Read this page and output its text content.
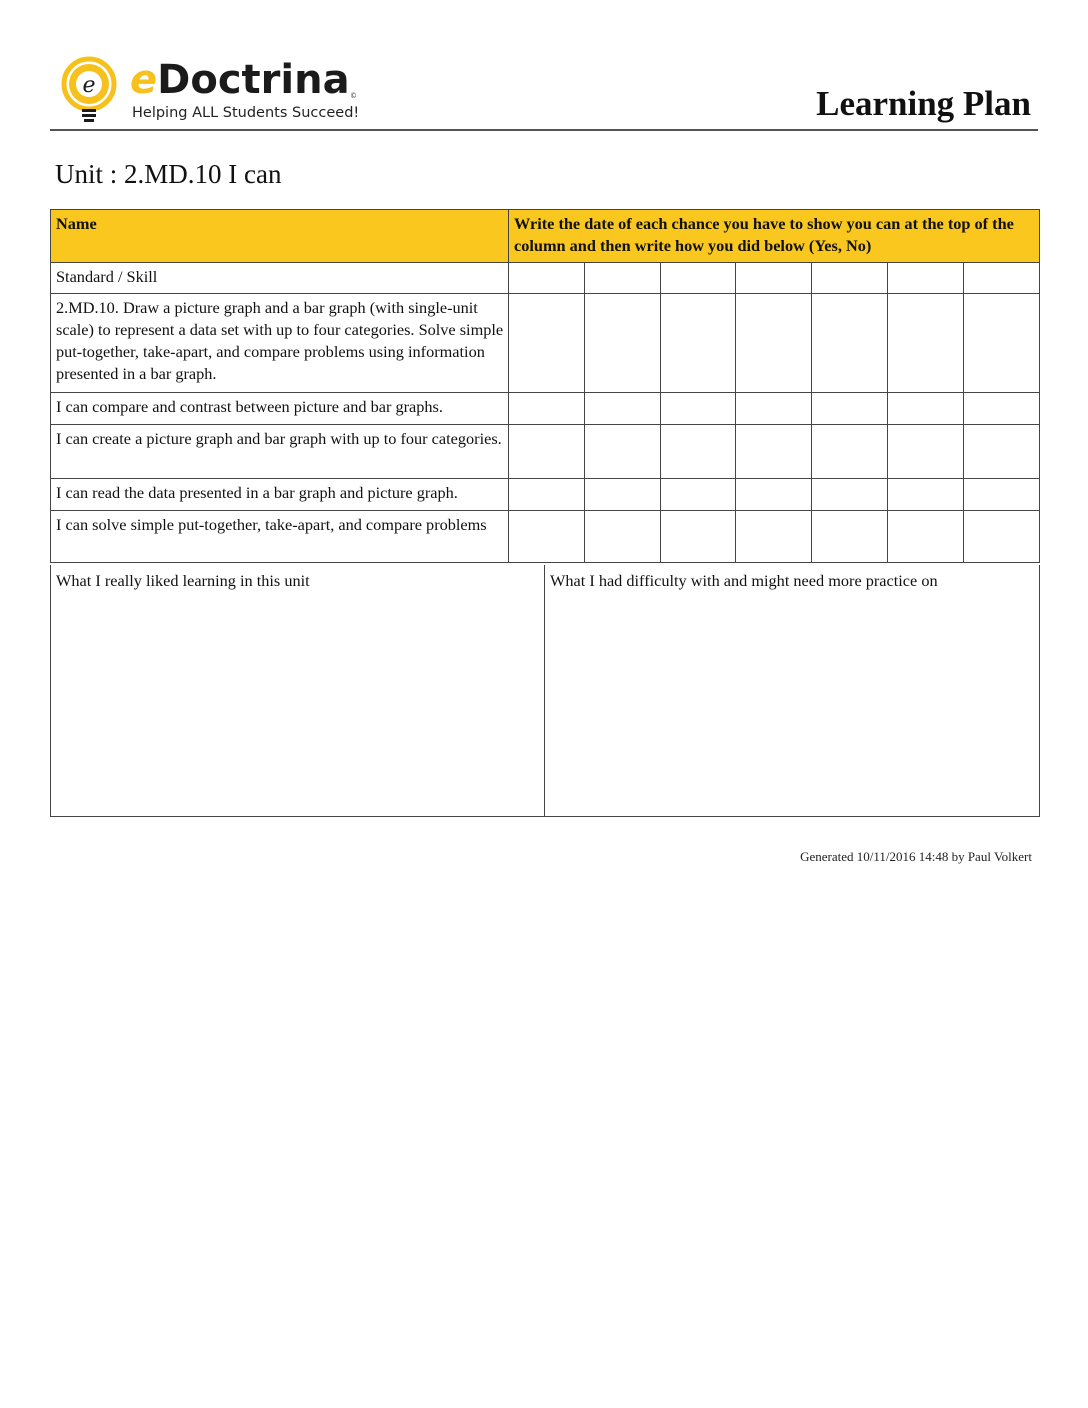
e eDoctrina ©
Helping ALL Students Succeed!	Learning Plan
Unit : 2.MD.10 I can
Name	Write the date of each chance you have to show you can at the top of the column and then write how you did below (Yes, No)						
Standard / Skill							
2.MD.10. Draw a picture graph and a bar graph (with single-unit scale) to represent a data set with up to four categories. Solve simple put-together, take-apart, and compare problems using information presented in a bar graph.							
I can compare and contrast between picture and bar graphs.							
I can create a picture graph and bar graph with up to four categories.							
I can read the data presented in a bar graph and picture graph.							
I can solve simple put-together, take-apart, and compare problems							
What I really liked learning in this unit	What I had difficulty with and might need more practice on
Generated 10/11/2016 14:48 by Paul Volkert
